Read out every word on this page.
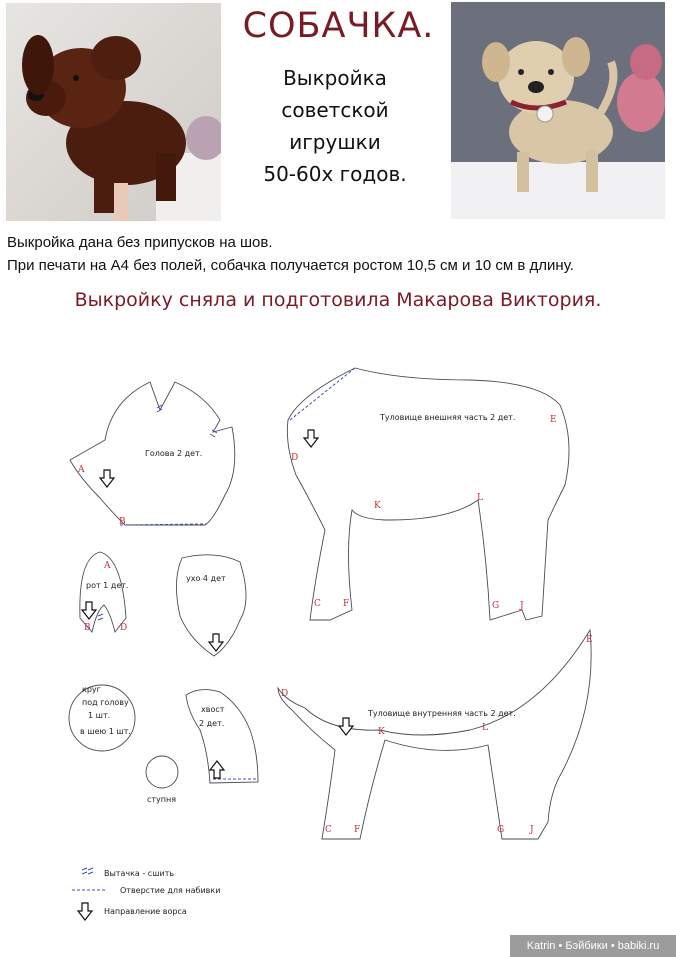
СОБАЧКА.
Выкройка
советской
игрушки
50-60х годов.
Выкройка дана без припусков на шов.
При печати на А4 без полей, собачка получается ростом 10,5 см и 10 см в длину.
Выкройку сняла и подготовила Макарова Виктория.
Голова 2 дет.
A
B
Туловище внешняя часть 2 дет.
D
E
K
L
C F	G J
рот 1 дет.
A
B	D
ухо 4 дет
круг
под голову
1 шт.
в шею 1 шт.
хвост
2 дет.
ступня
Туловище внутренняя часть 2 дет.
D
E
K	L
C F	G	J
Вытачка - сшить
Отверстие для набивки
Направление ворса
Katrin • Бэйбики • babiki.ru
